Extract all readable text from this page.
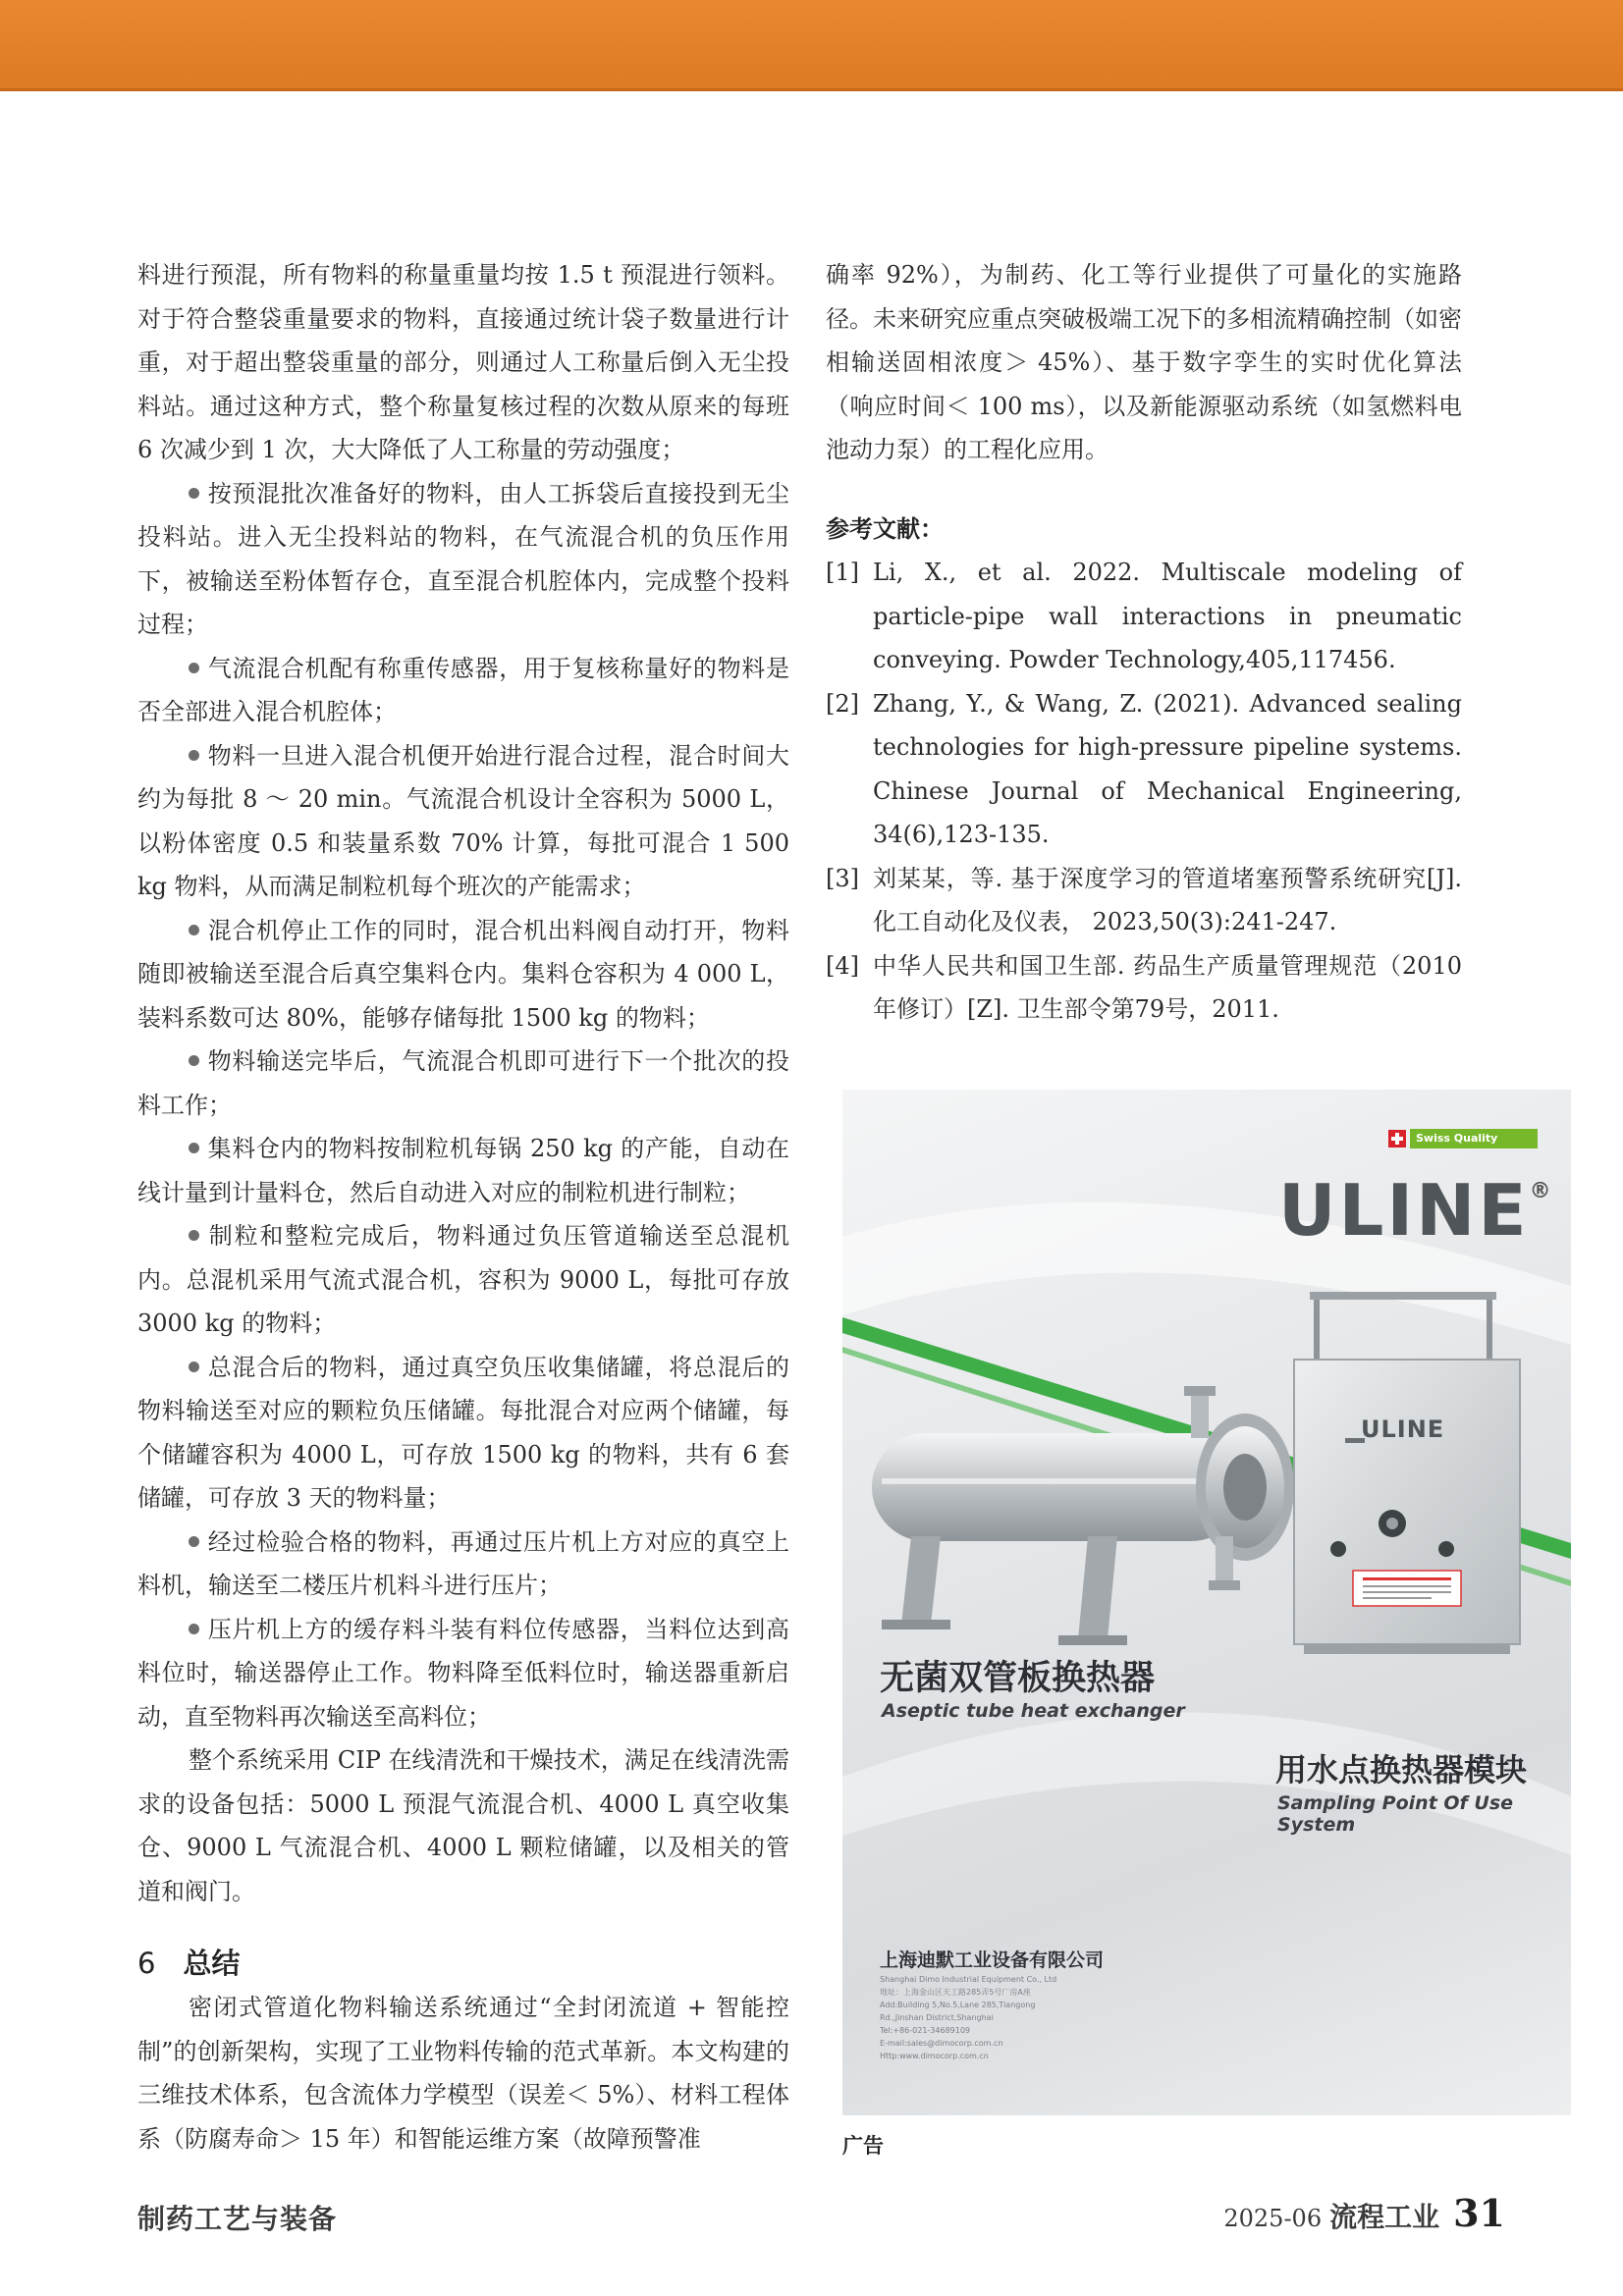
料进行预混，所有物料的称量重量均按 1.5 t 预混进行领料。对于符合整袋重量要求的物料，直接通过统计袋子数量进行计重，对于超出整袋重量的部分，则通过人工称量后倒入无尘投料站。通过这种方式，整个称量复核过程的次数从原来的每班 6 次减少到 1 次，大大降低了人工称量的劳动强度；

按预混批次准备好的物料，由人工拆袋后直接投到无尘投料站。进入无尘投料站的物料，在气流混合机的负压作用下，被输送至粉体暂存仓，直至混合机腔体内，完成整个投料过程；

气流混合机配有称重传感器，用于复核称量好的物料是否全部进入混合机腔体；

物料一旦进入混合机便开始进行混合过程，混合时间大约为每批 8 ～ 20 min。气流混合机设计全容积为 5000 L，以粉体密度 0.5 和装量系数 70% 计算，每批可混合 1 500 kg 物料，从而满足制粒机每个班次的产能需求；

混合机停止工作的同时，混合机出料阀自动打开，物料随即被输送至混合后真空集料仓内。集料仓容积为 4 000 L，装料系数可达 80%，能够存储每批 1500 kg 的物料；

物料输送完毕后，气流混合机即可进行下一个批次的投料工作；

集料仓内的物料按制粒机每锅 250 kg 的产能，自动在线计量到计量料仓，然后自动进入对应的制粒机进行制粒；

制粒和整粒完成后，物料通过负压管道输送至总混机内。总混机采用气流式混合机，容积为 9000 L，每批可存放 3000 kg 的物料；

总混合后的物料，通过真空负压收集储罐，将总混后的物料输送至对应的颗粒负压储罐。每批混合对应两个储罐，每个储罐容积为 4000 L，可存放 1500 kg 的物料，共有 6 套储罐，可存放 3 天的物料量；

经过检验合格的物料，再通过压片机上方对应的真空上料机，输送至二楼压片机料斗进行压片；

压片机上方的缓存料斗装有料位传感器，当料位达到高料位时，输送器停止工作。物料降至低料位时，输送器重新启动，直至物料再次输送至高料位；

整个系统采用 CIP 在线清洗和干燥技术，满足在线清洗需求的设备包括：5000 L 预混气流混合机、4000 L 真空收集仓、9000 L 气流混合机、4000 L 颗粒储罐，以及相关的管道和阀门。

6 总结

密闭式管道化物料输送系统通过“全封闭流道 + 智能控制”的创新架构，实现了工业物料传输的范式革新。本文构建的三维技术体系，包含流体力学模型（误差＜ 5%）、材料工程体系（防腐寿命＞ 15 年）和智能运维方案（故障预警准

确率 92%），为制药、化工等行业提供了可量化的实施路径。未来研究应重点突破极端工况下的多相流精确控制（如密相输送固相浓度＞ 45%）、基于数字孪生的实时优化算法（响应时间＜ 100 ms），以及新能源驱动系统（如氢燃料电池动力泵）的工程化应用。

参考文献：

[1] Li, X., et al. 2022. Multiscale modeling of particle-pipe wall interactions in pneumatic conveying. Powder Technology,405,117456.
[2] Zhang, Y., & Wang, Z. (2021). Advanced sealing technologies for high-pressure pipeline systems. Chinese Journal of Mechanical Engineering, 34(6),123-135.
[3] 刘某某，等. 基于深度学习的管道堵塞预警系统研究[J]. 化工自动化及仪表， 2023,50(3):241-247.
[4] 中华人民共和国卫生部. 药品生产质量管理规范（2010年修订）[Z]. 卫生部令第79号，2011.
Swiss Quality
ULINE®
ULINE
无菌双管板换热器
Aseptic tube heat exchanger
用水点换热器模块
Sampling Point Of Use System
上海迪默工业设备有限公司
Shanghai Dimo Industrial Equipment Co., Ltd
地址：上海金山区天工路285弄5号厂房A座
Add:Building 5,No.5,Lane 285,Tiangong
Rd.,Jinshan District,Shanghai
Tel:+86-021-34689109
E-mail:sales@dimocorp.com.cn
Http:www.dimocorp.com.cn
广告
制药工艺与装备	2025-06 流程工业 31
